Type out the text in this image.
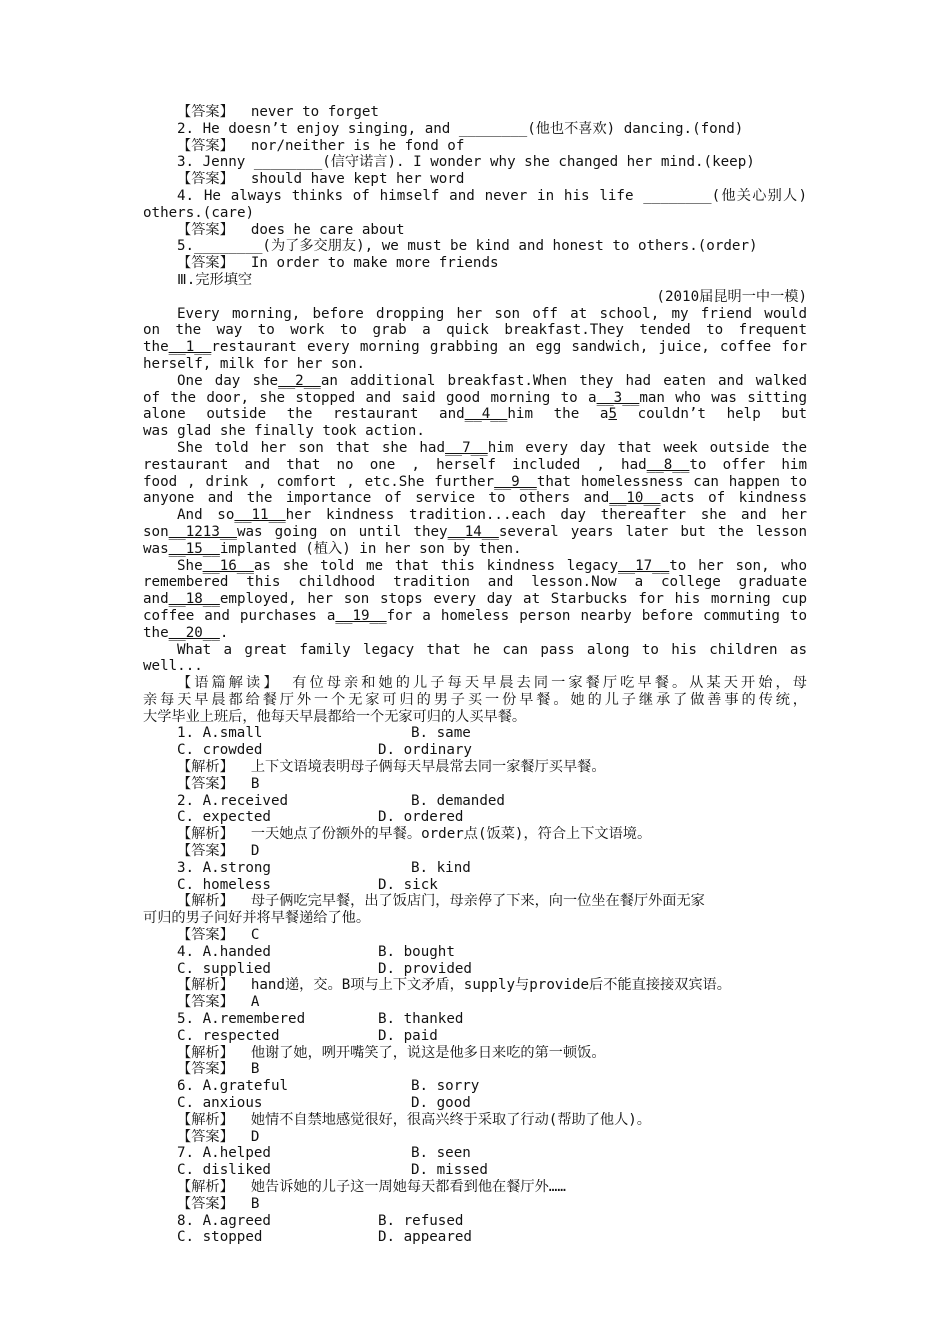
【答案】  never to forget
2. He doesn’t enjoy singing, and ________(他也不喜欢) dancing.(fond)
【答案】  nor/neither is he fond of
3. Jenny ________(信守诺言). I wonder why she changed her mind.(keep)
【答案】  should have kept her word
4. He always thinks of himself and never in his life ________(他关心别人)
others.(care)
【答案】  does he care about
5.________(为了多交朋友), we must be kind and honest to others.(order)
【答案】  In order to make more friends
Ⅲ.完形填空
(2010届昆明一中一模)
Every morning, before dropping her son off at school, my friend would
on the way to work to grab a quick breakfast.They tended to frequent
the__1__restaurant every morning grabbing an egg sandwich, juice, coffee for
herself, milk for her son.
One day she__2__an additional breakfast.When they had eaten and walked
of the door, she stopped and said good morning to a__3__man who was sitting
alone outside the restaurant and__4__him the a5 couldn’t help but
was glad she finally took action.
She told her son that she had__7__him every day that week outside the
restaurant and that no one , herself included , had__8__to offer him
food , drink , comfort , etc.She further__9__that homelessness can happen to
anyone and the importance of service to others and__10__acts of kindness
And so__11__her kindness tradition...each day thereafter she and her
son__1213__was going on until they__14__several years later but the lesson
was__15__implanted (植入) in her son by then.
She__16__as she told me that this kindness legacy__17__to her son, who
remembered this childhood tradition and lesson.Now a college graduate
and__18__employed, her son stops every day at Starbucks for his morning cup
coffee and purchases a__19__for a homeless person nearby before commuting to
the__20__.
What a great family legacy that he can pass along to his children as
well...
【语篇解读】 有位母亲和她的儿子每天早晨去同一家餐厅吃早餐。从某天开始，母
亲每天早晨都给餐厅外一个无家可归的男子买一份早餐。她的儿子继承了做善事的传统，
大学毕业上班后，他每天早晨都给一个无家可归的人买早餐。
1. A.small	B. same
C. crowded	D. ordinary
【解析】  上下文语境表明母子俩每天早晨常去同一家餐厅买早餐。
【答案】  B
2. A.received	B. demanded
C. expected	D. ordered
【解析】  一天她点了份额外的早餐。order点(饭菜)，符合上下文语境。
【答案】  D
3. A.strong	B. kind
C. homeless	D. sick
【解析】  母子俩吃完早餐，出了饭店门，母亲停了下来，向一位坐在餐厅外面无家
可归的男子问好并将早餐递给了他。
【答案】  C
4. A.handed	B. bought
C. supplied	D. provided
【解析】  hand递，交。B项与上下文矛盾，supply与provide后不能直接接双宾语。
【答案】  A
5. A.remembered	B. thanked
C. respected	D. paid
【解析】  他谢了她，咧开嘴笑了，说这是他多日来吃的第一顿饭。
【答案】  B
6. A.grateful	B. sorry
C. anxious	D. good
【解析】  她情不自禁地感觉很好，很高兴终于采取了行动(帮助了他人)。
【答案】  D
7. A.helped	B. seen
C. disliked	D. missed
【解析】  她告诉她的儿子这一周她每天都看到他在餐厅外……
【答案】  B
8. A.agreed	B. refused
C. stopped	D. appeared
